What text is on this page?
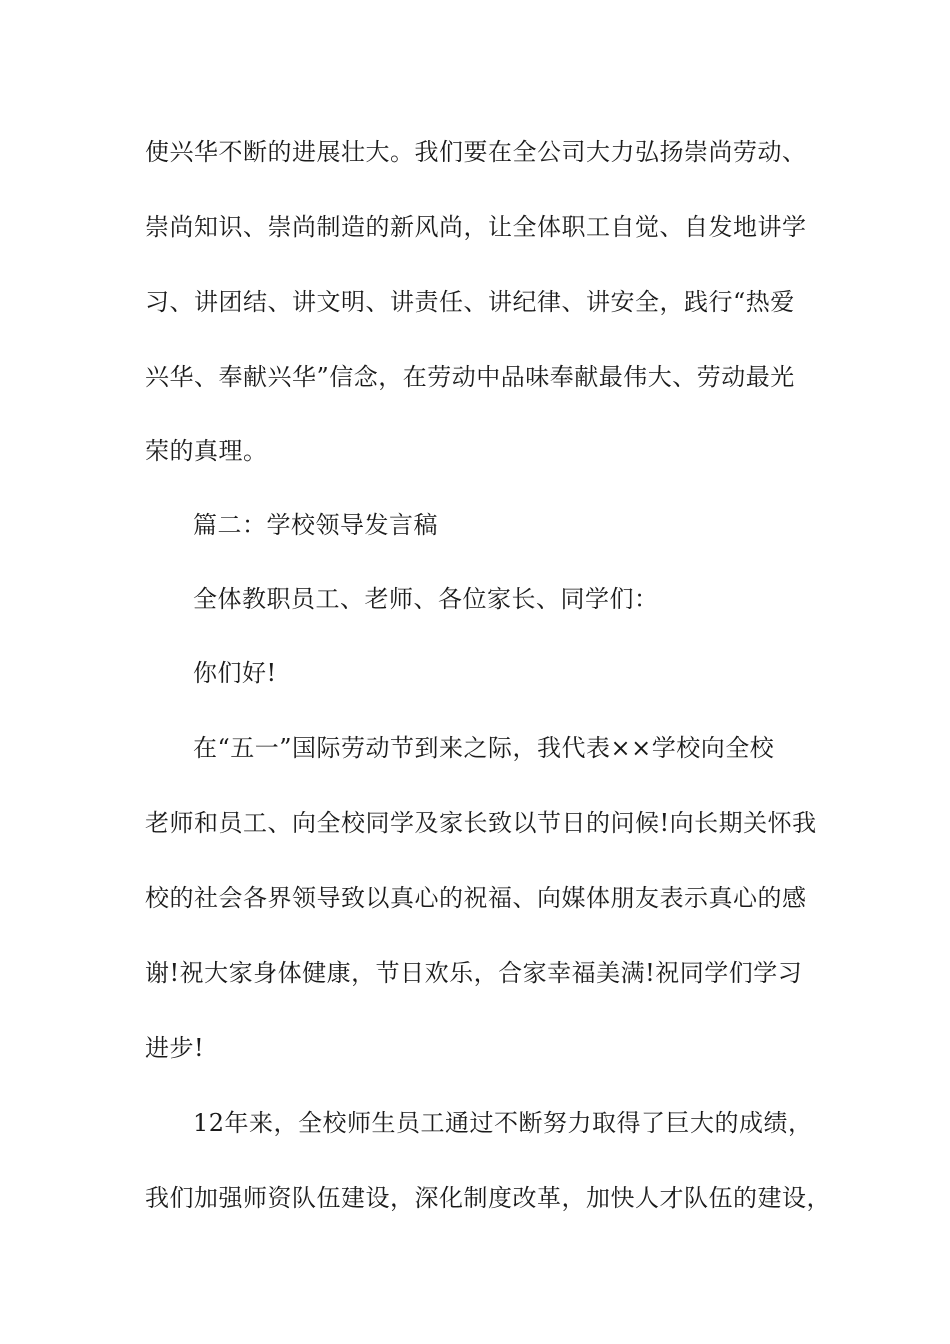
使兴华不断的进展壮大。我们要在全公司大力弘扬崇尚劳动、
崇尚知识、崇尚制造的新风尚，让全体职工自觉、自发地讲学
习、讲团结、讲文明、讲责任、讲纪律、讲安全，践行“热爱
兴华、奉献兴华”信念，在劳动中品味奉献最伟大、劳动最光
荣的真理。
篇二：学校领导发言稿
全体教职员工、老师、各位家长、同学们：
你们好!
在“五一”国际劳动节到来之际，我代表××学校向全校
老师和员工、向全校同学及家长致以节日的问候!向长期关怀我
校的社会各界领导致以真心的祝福、向媒体朋友表示真心的感
谢!祝大家身体健康，节日欢乐，合家幸福美满!祝同学们学习
进步!
12年来，全校师生员工通过不断努力取得了巨大的成绩，
我们加强师资队伍建设，深化制度改革，加快人才队伍的建设，
